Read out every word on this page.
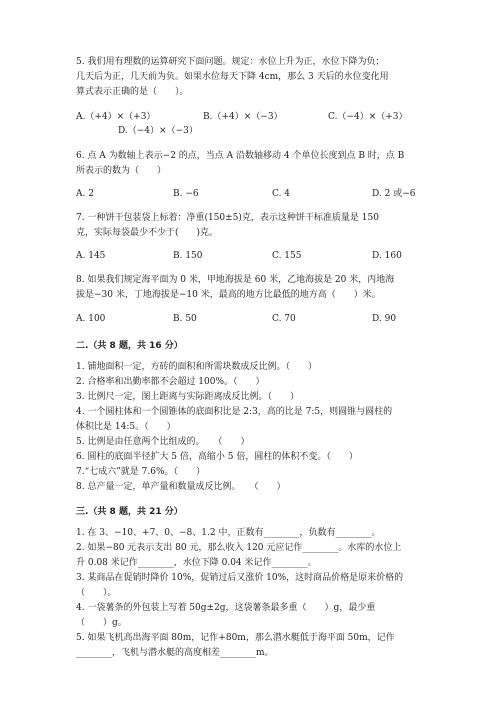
5. 我们用有理数的运算研究下面问题。规定：水位上升为正，水位下降为负；
几天后为正，几天前为负。如果水位每天下降 4cm，那么 3 天后的水位变化用
算式表示正确的是（　　）。
A.（+4）×（+3）	B.（+4）×（−3）	C.（−4）×（+3）
D.（−4）×（−3）
6. 点 A 为数轴上表示−2 的点，当点 A 沿数轴移动 4 个单位长度到点 B 时，点 B
所表示的数为（　　）
A. 2	B. −6	C. 4	D. 2 或−6
7. 一种饼干包装袋上标着：净重(150±5)克，表示这种饼干标准质量是 150
克，实际每袋最少不少于(　　)克。
A. 145	B. 150	C. 155	D. 160
8. 如果我们规定海平面为 0 米，甲地海拔是 60 米，乙地海拔是 20 米，丙地海
拔是−30 米，丁地海拔是−10 米，最高的地方比最低的地方高（　　）米。
A. 100	B. 50	C. 70	D. 90
二.（共 8 题，共 16 分）
1. 铺地面积一定，方砖的面积和所需块数成反比例。（　　）
2. 合格率和出勤率都不会超过 100%。（　　）
3. 比例尺一定，图上距离与实际距离成反比例。（　　）
4. 一个圆柱体和一个圆锥体的底面积比是 2:3，高的比是 7:5，则圆锥与圆柱的
体积比是 14:5。（　　）
5. 比例是由任意两个比组成的。　　（　　）
6. 圆柱的底面半径扩大 5 倍，高缩小 5 倍，圆柱的体积不变。（　　）
7.“七成六”就是 7.6%。（　　）
8. 总产量一定，单产量和数量成反比例。　　（　　）
三.（共 8 题，共 21 分）
1. 在 3、−10、+7、0、−8、1.2 中，正数有________，负数有________。
2. 如果−80 元表示支出 80 元，那么收入 120 元应记作________。水库的水位上
升 0.08 米记作________，水位下降 0.04 米记作________。
3. 某商品在促销时降价 10%，促销过后又涨价 10%，这时商品价格是原来价格的
（　　）。
4. 一袋薯条的外包装上写着 50g±2g，这袋薯条最多重（　　）g，最少重
（　　）g。
5. 如果飞机高出海平面 80m，记作+80m，那么潜水艇低于海平面 50m，记作
________，飞机与潜水艇的高度相差________m。
